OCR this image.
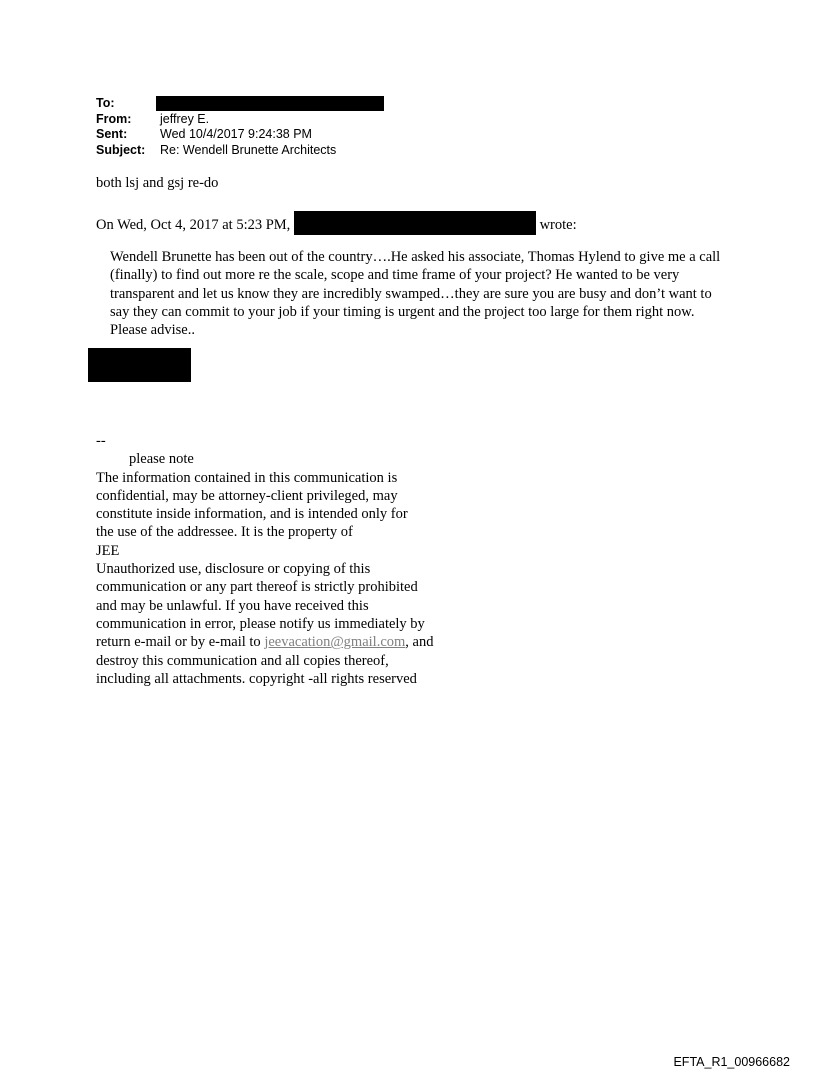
To:
From:	jeffrey E.
Sent:	Wed 10/4/2017 9:24:38 PM
Subject:	Re: Wendell Brunette Architects
both lsj and gsj re-do
On Wed, Oct 4, 2017 at 5:23 PM,	wrote:
Wendell Brunette has been out of the country….He asked his associate, Thomas Hylend to give me a call (finally) to find out more re the scale, scope and time frame of your project? He wanted to be very transparent and let us know they are incredibly swamped…they are sure you are busy and don’t want to say they can commit to your job if your timing is urgent and the project too large for them right now. Please advise..
--
please note
The information contained in this communication is
confidential, may be attorney-client privileged, may
constitute inside information, and is intended only for
the use of the addressee. It is the property of
JEE
Unauthorized use, disclosure or copying of this
communication or any part thereof is strictly prohibited
and may be unlawful. If you have received this
communication in error, please notify us immediately by
return e-mail or by e-mail to jeevacation@gmail.com, and
destroy this communication and all copies thereof,
including all attachments. copyright -all rights reserved
EFTA_R1_00966682
